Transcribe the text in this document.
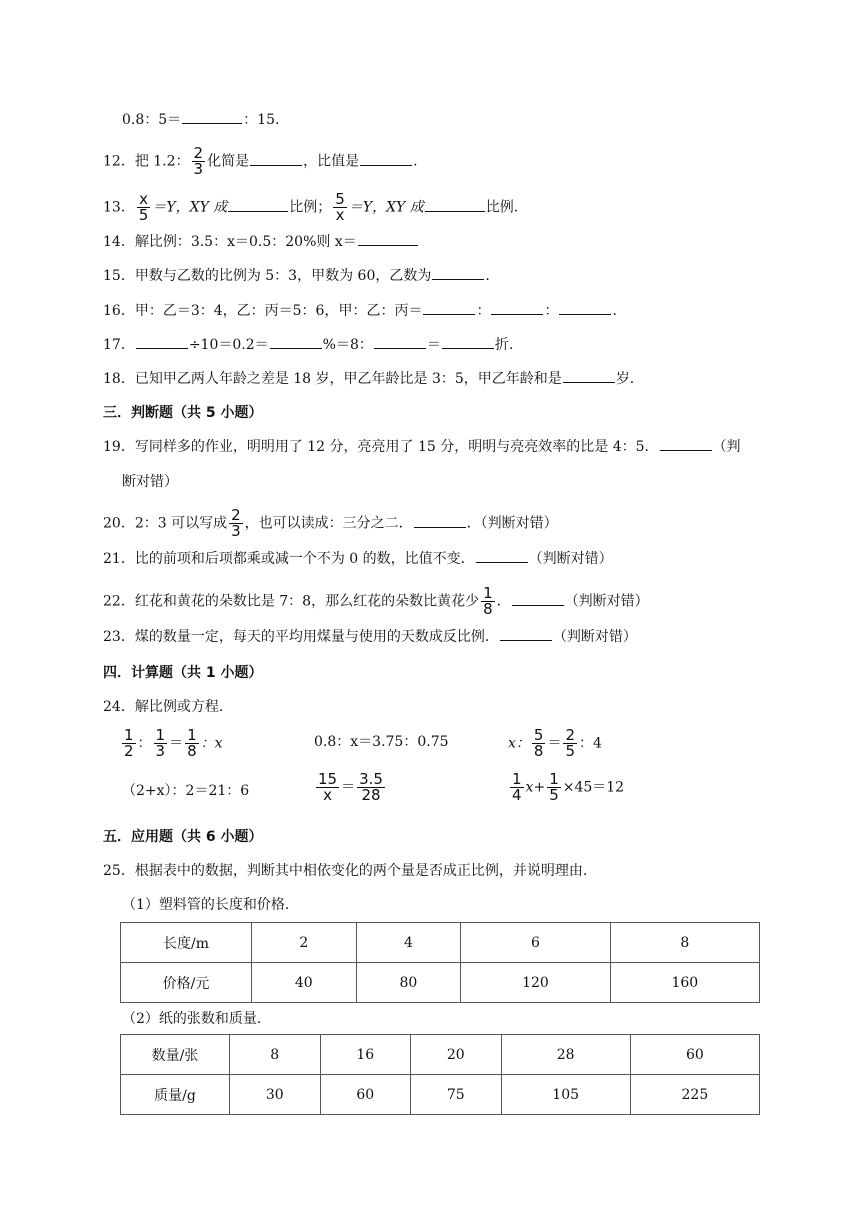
0.8：5＝	：15.
12．把 1.2： $\frac{2}{3}$ 化简是	，比值是	.
13． $\frac{x}{5} =Y$，XY 成	比例； $\frac{5}{x} =Y$，XY 成	比例.
14．解比例：3.5：x＝0.5：20%则 x＝
15．甲数与乙数的比例为 5：3，甲数为 60，乙数为	.
16．甲：乙＝3：4，乙：丙＝5：6，甲：乙：丙＝	：	：	.
17．	÷10＝0.2＝	%＝8：	＝	折.
18．已知甲乙两人年龄之差是 18 岁，甲乙年龄比是 3：5，甲乙年龄和是	岁.
三．判断题（共 5 小题）
19．写同样多的作业，明明用了 12 分，亮亮用了 15 分，明明与亮亮效率的比是 4：5．	（判
断对错）
20．2：3 可以写成 $\frac{2}{3}$ ，也可以读成：三分之二．	．（判断对错）
21．比的前项和后项都乘或减一个不为 0 的数，比值不变．	（判断对错）
22．红花和黄花的朵数比是 7：8，那么红花的朵数比黄花少 $\frac{1}{8}$ ．	（判断对错）
23．煤的数量一定，每天的平均用煤量与使用的天数成反比例．	（判断对错）
四．计算题（共 1 小题）
24．解比例或方程.
$\frac{1}{2}$ ： $\frac{1}{3} = \frac{1}{8}$ ：x	0.8：x＝3.75：0.75	x： $\frac{5}{8} = \frac{2}{5}$ ：4
（2+x）：2＝21：6	$\frac{15}{x} = \frac{3.5}{28}$	$\frac{1}{4} x+ \frac{1}{5} \times 45=12$
五．应用题（共 6 小题）
25．根据表中的数据，判断其中相依变化的两个量是否成正比例，并说明理由.
（1）塑料管的长度和价格.
长度/m	2	4	6	8
价格/元	40	80	120	160
（2）纸的张数和质量.
数量/张	8	16	20	28	60
质量/g	30	60	75	105	225
